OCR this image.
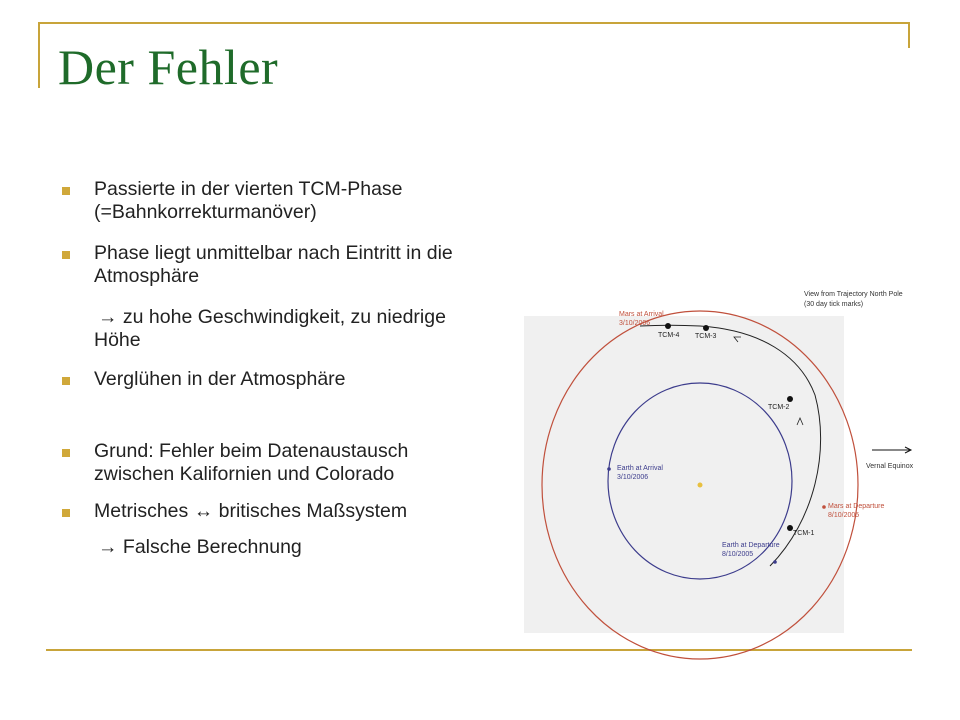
Der Fehler
Passierte in der vierten TCM-Phase
(=Bahnkorrekturmanöver)
Phase liegt unmittelbar nach Eintritt in die
Atmosphäre
→ zu hohe Geschwindigkeit, zu niedrige
Höhe
Verglühen in der Atmosphäre
Grund: Fehler beim Datenaustausch
zwischen Kalifornien und Colorado
Metrisches ↔ britisches Maßsystem
→ Falsche Berechnung
View from Trajectory North Pole
(30 day tick marks)
Vernal Equinox
Mars at Arrival
3/10/2006
Mars at Departure
8/10/2005
Earth at Arrival
3/10/2006
Earth at Departure
8/10/2005
TCM-1
TCM-2
TCM-3
TCM-4
